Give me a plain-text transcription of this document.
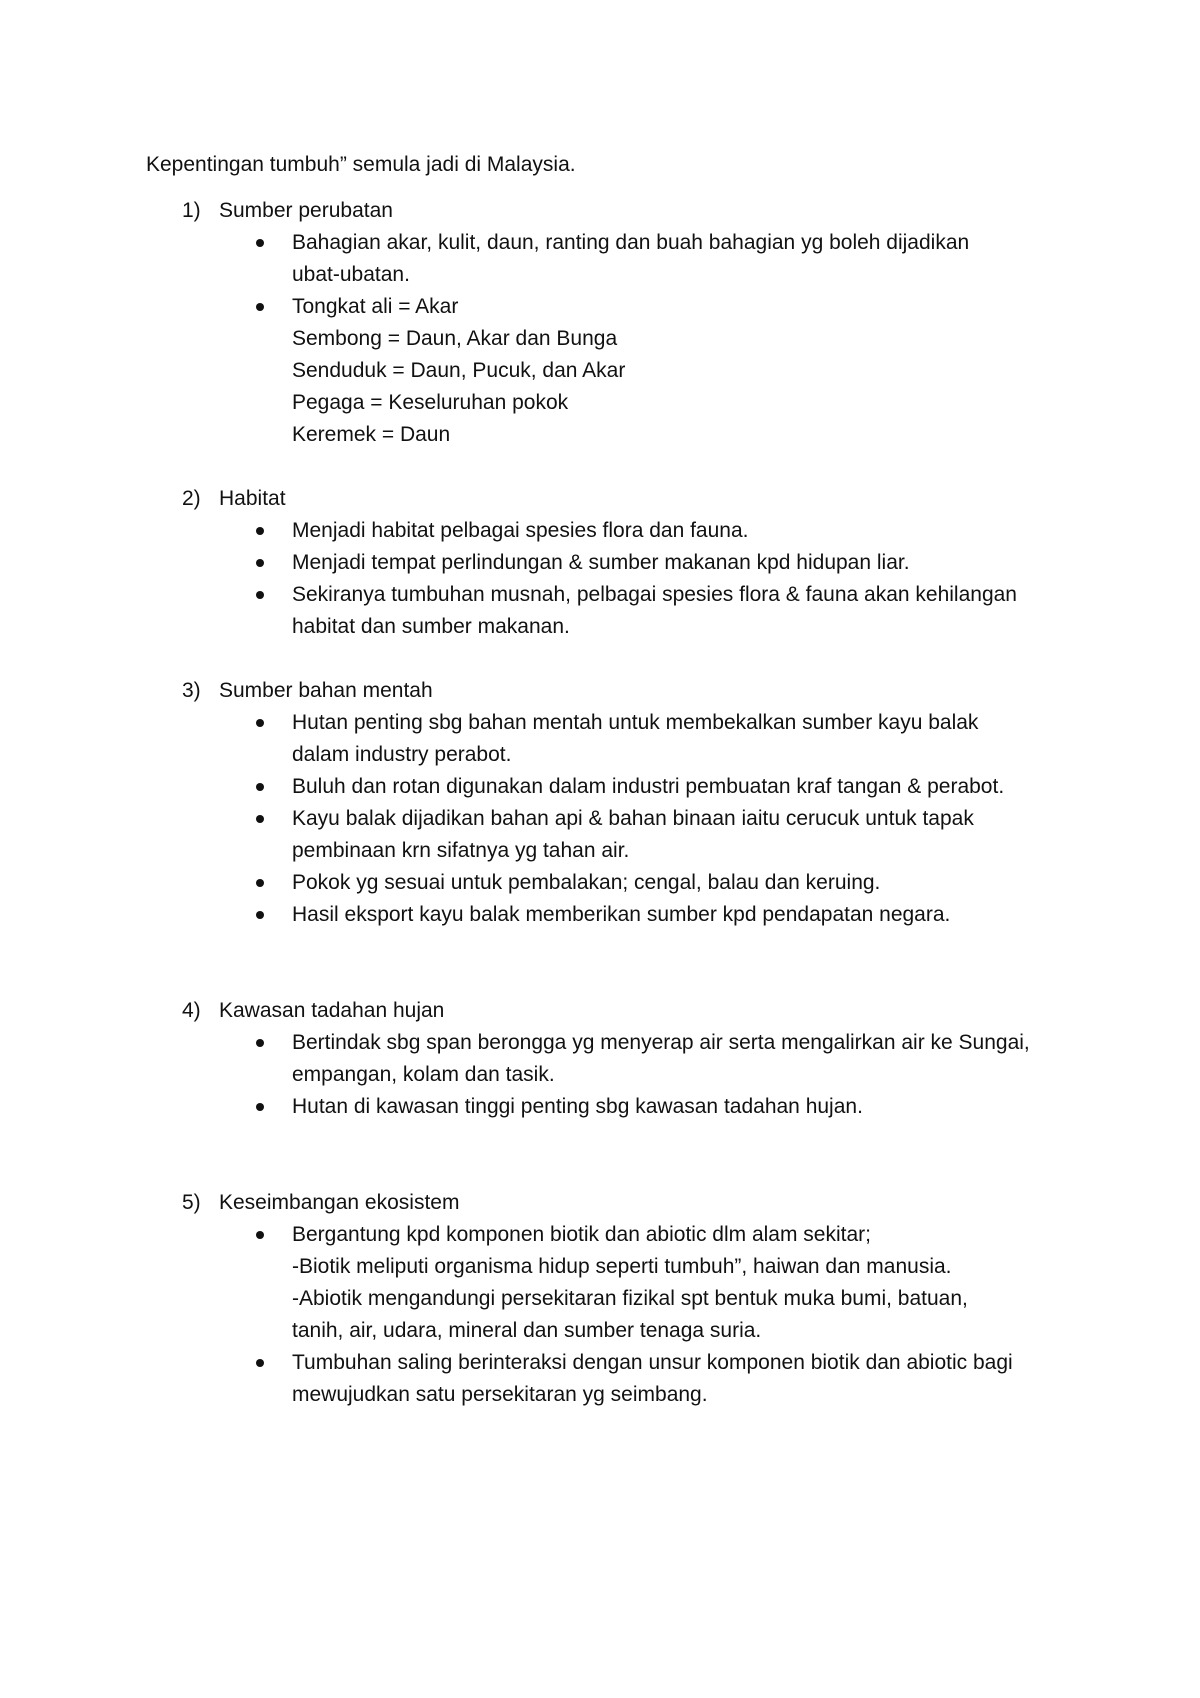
Kepentingan tumbuh” semula jadi di Malaysia.
1) Sumber perubatan
Bahagian akar, kulit, daun, ranting dan buah bahagian yg boleh dijadikan
ubat-ubatan.
Tongkat ali = Akar
Sembong = Daun, Akar dan Bunga
Senduduk = Daun, Pucuk, dan Akar
Pegaga = Keseluruhan pokok
Keremek = Daun
2) Habitat
Menjadi habitat pelbagai spesies flora dan fauna.
Menjadi tempat perlindungan & sumber makanan kpd hidupan liar.
Sekiranya tumbuhan musnah, pelbagai spesies flora & fauna akan kehilangan
habitat dan sumber makanan.
3) Sumber bahan mentah
Hutan penting sbg bahan mentah untuk membekalkan sumber kayu balak
dalam industry perabot.
Buluh dan rotan digunakan dalam industri pembuatan kraf tangan & perabot.
Kayu balak dijadikan bahan api & bahan binaan iaitu cerucuk untuk tapak
pembinaan krn sifatnya yg tahan air.
Pokok yg sesuai untuk pembalakan; cengal, balau dan keruing.
Hasil eksport kayu balak memberikan sumber kpd pendapatan negara.
4) Kawasan tadahan hujan
Bertindak sbg span berongga yg menyerap air serta mengalirkan air ke Sungai,
empangan, kolam dan tasik.
Hutan di kawasan tinggi penting sbg kawasan tadahan hujan.
5) Keseimbangan ekosistem
Bergantung kpd komponen biotik dan abiotic dlm alam sekitar;
-Biotik meliputi organisma hidup seperti tumbuh”, haiwan dan manusia.
-Abiotik mengandungi persekitaran fizikal spt bentuk muka bumi, batuan,
tanih, air, udara, mineral dan sumber tenaga suria.
Tumbuhan saling berinteraksi dengan unsur komponen biotik dan abiotic bagi
mewujudkan satu persekitaran yg seimbang.
